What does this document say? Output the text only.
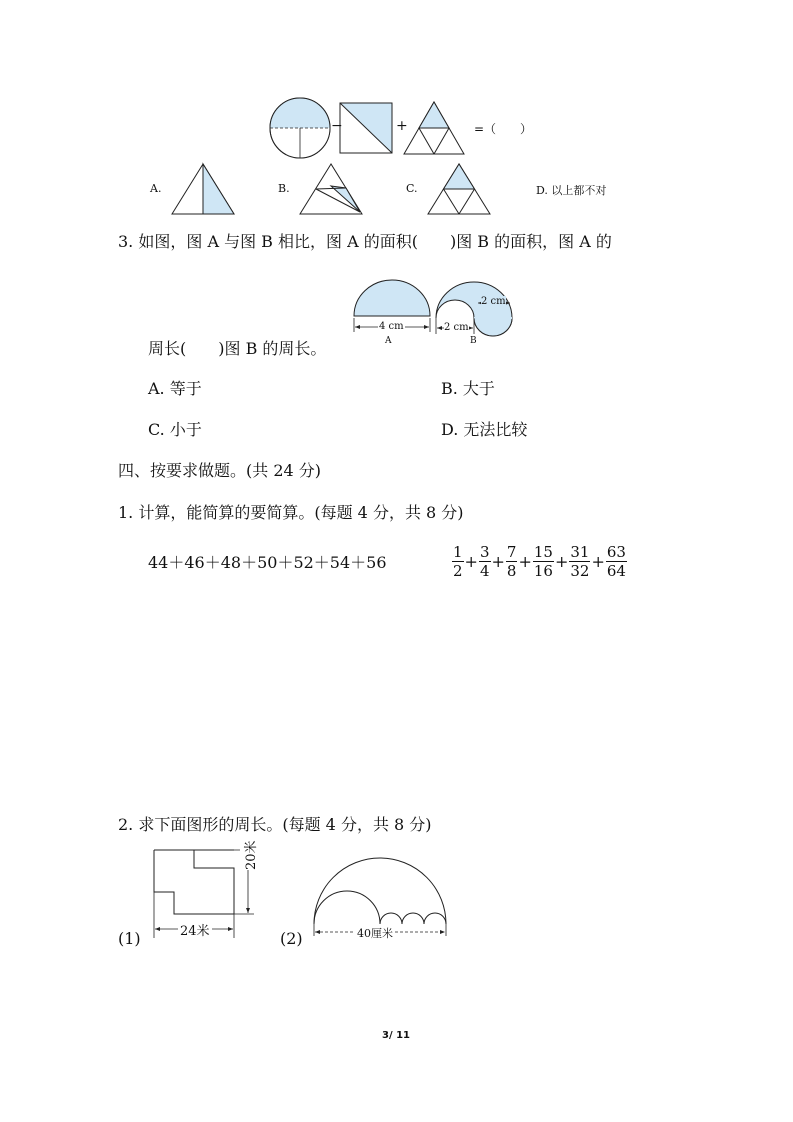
−	+	=（　　）
A.	B.	C.	D. 以上都不对
3. 如图，图 A 与图 B 相比，图 A 的面积(　　)图 B 的面积，图 A 的
4 cm
A
2 cm
2 cm
B
周长(　　)图 B 的周长。
A. 等于	B. 大于
C. 小于	D. 无法比较
四、按要求做题。(共 24 分)
1. 计算，能简算的要简算。(每题 4 分，共 8 分)
44＋46＋48＋50＋52＋54＋56	$\frac{1}{2} + \frac{3}{4} + \frac{7}{8} + \frac{15}{16} + \frac{31}{32} + \frac{63}{64}$
2. 求下面图形的周长。(每题 4 分，共 8 分)
20米
24米
(1)	40厘米
(2)
3/ 11
